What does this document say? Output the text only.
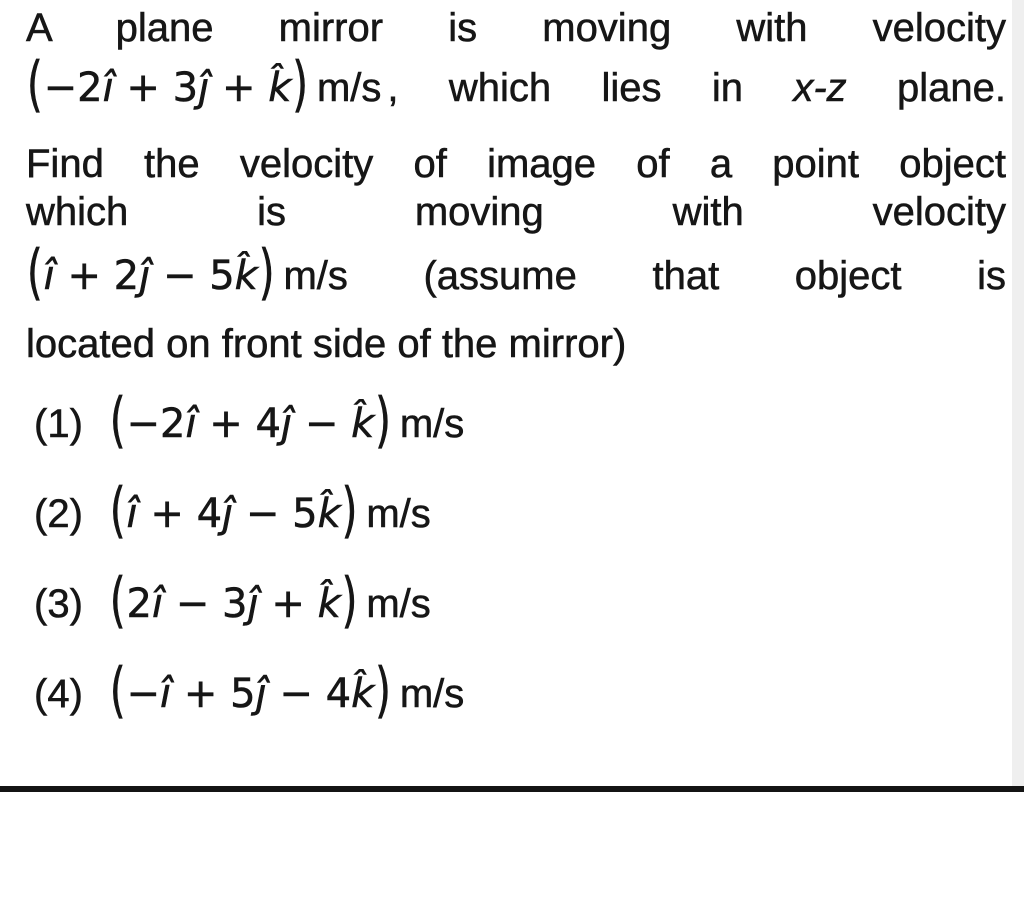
A plane mirror is moving with velocity
(−2î + 3ĵ + k̂) m/s , which lies in x-z plane.
Find the velocity of image of a point object
which is moving with velocity
(î + 2ĵ − 5k̂) m/s (assume that object is
located on front side of the mirror)
(1) (−2î + 4ĵ − k̂) m/s
(2) (î + 4ĵ − 5k̂) m/s
(3) (2î − 3ĵ + k̂) m/s
(4) (−î + 5ĵ − 4k̂) m/s
